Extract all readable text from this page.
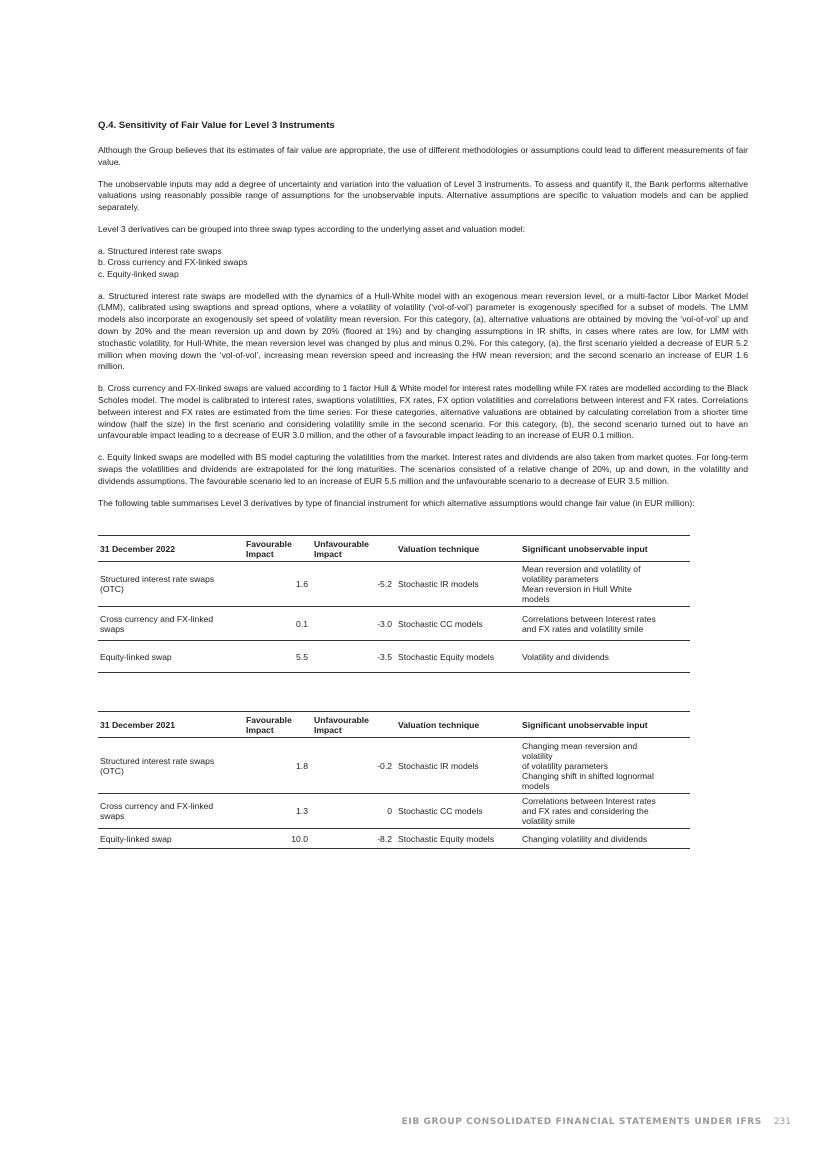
Q.4. Sensitivity of Fair Value for Level 3 Instruments

Although the Group believes that its estimates of fair value are appropriate, the use of different methodologies or assumptions could lead to different measurements of fair value.

The unobservable inputs may add a degree of uncertainty and variation into the valuation of Level 3 instruments. To assess and quantify it, the Bank performs alternative valuations using reasonably possible range of assumptions for the unobservable inputs. Alternative assumptions are specific to valuation models and can be applied separately.

Level 3 derivatives can be grouped into three swap types according to the underlying asset and valuation model:

a. Structured interest rate swaps
b. Cross currency and FX-linked swaps
c. Equity-linked swap

a. Structured interest rate swaps are modelled with the dynamics of a Hull-White model with an exogenous mean reversion level, or a multi-factor Libor Market Model (LMM), calibrated using swaptions and spread options, where a volatility of volatility (‘vol-of-vol’) parameter is exogenously specified for a subset of models. The LMM models also incorporate an exogenously set speed of volatility mean reversion. For this category, (a), alternative valuations are obtained by moving the ‘vol-of-vol’ up and down by 20% and the mean reversion up and down by 20% (floored at 1%) and by changing assumptions in IR shifts, in cases where rates are low, for LMM with stochastic volatility, for Hull-White, the mean reversion level was changed by plus and minus 0.2%. For this category, (a), the first scenario yielded a decrease of EUR 5.2 million when moving down the ‘vol-of-vol’, increasing mean reversion speed and increasing the HW mean reversion; and the second scenario an increase of EUR 1.6 million.

b. Cross currency and FX-linked swaps are valued according to 1 factor Hull & White model for interest rates modelling while FX rates are modelled according to the Black Scholes model. The model is calibrated to interest rates, swaptions volatilities, FX rates, FX option volatilities and correlations between interest and FX rates. Correlations between interest and FX rates are estimated from the time series. For these categories, alternative valuations are obtained by calculating correlation from a shorter time window (half the size) in the first scenario and considering volatility smile in the second scenario. For this category, (b), the second scenario turned out to have an unfavourable impact leading to a decrease of EUR 3.0 million, and the other of a favourable impact leading to an increase of EUR 0.1 million.

c. Equity linked swaps are modelled with BS model capturing the volatilities from the market. Interest rates and dividends are also taken from market quotes. For long-term swaps the volatilities and dividends are extrapolated for the long maturities. The scenarios consisted of a relative change of 20%, up and down, in the volatility and dividends assumptions. The favourable scenario led to an increase of EUR 5.5 million and the unfavourable scenario to a decrease of EUR 3.5 million.

The following table summarises Level 3 derivatives by type of financial instrument for which alternative assumptions would change fair value (in EUR million):

31 December 2022	Favourable
Impact	Unfavourable
Impact	Valuation technique	Significant unobservable input
Structured interest rate swaps
(OTC)	1.6	-5.2	Stochastic IR models	Mean reversion and volatility of
volatility parameters
Mean reversion in Hull White
models
Cross currency and FX-linked
swaps	0.1	-3.0	Stochastic CC models	Correlations between Interest rates
and FX rates and volatility smile
Equity-linked swap	5.5	-3.5	Stochastic Equity models	Volatility and dividends
31 December 2021	Favourable
Impact	Unfavourable
Impact	Valuation technique	Significant unobservable input
Structured interest rate swaps
(OTC)	1.8	-0.2	Stochastic IR models	Changing mean reversion and
volatility
of volatility parameters
Changing shift in shifted lognormal
models
Cross currency and FX-linked
swaps	1.3	0	Stochastic CC models	Correlations between Interest rates
and FX rates and considering the
volatility smile
Equity-linked swap	10.0	-8.2	Stochastic Equity models	Changing volatility and dividends
EIB GROUP CONSOLIDATED FINANCIAL STATEMENTS UNDER IFRS 231
